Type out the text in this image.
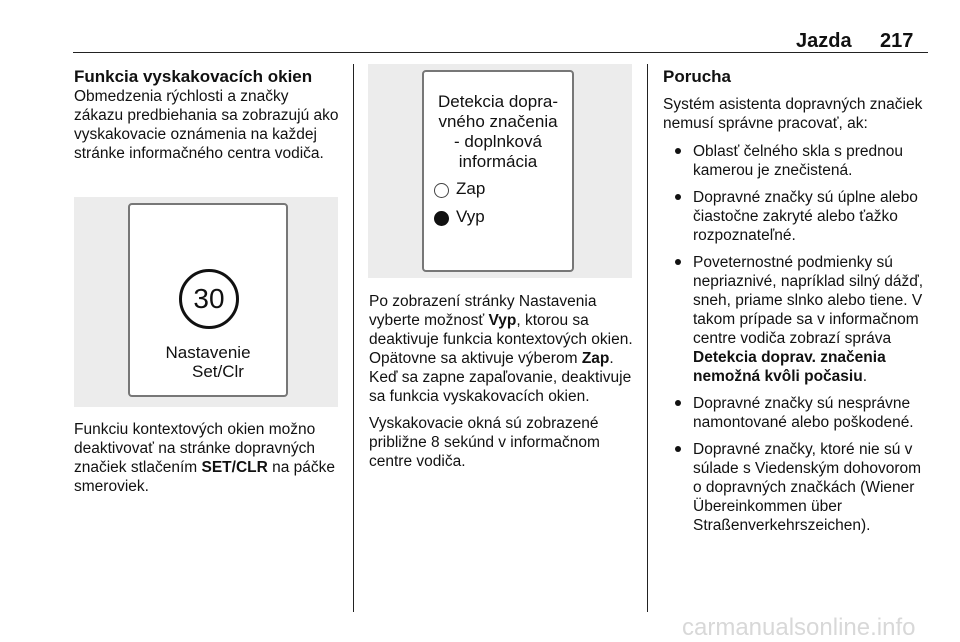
Jazda 217

Funkcia vyskakovacích okien

Obmedzenia rýchlosti a značky zákazu predbiehania sa zobrazujú ako vyskakovacie oznámenia na každej stránke informačného centra vodiča.

30
Nastavenie
Set/Clr

Funkciu kontextových okien možno deaktivovať na stránke dopravných značiek stlačením SET/CLR na páčke smeroviek.

Detekcia dopra-
vného značenia
- doplnková
informácia
Zap
Vyp

Po zobrazení stránky Nastavenia vyberte možnosť Vyp, ktorou sa deaktivuje funkcia kontextových okien. Opätovne sa aktivuje výberom Zap. Keď sa zapne zapaľovanie, deaktivuje sa funkcia vyskakovacích okien.

Vyskakovacie okná sú zobrazené približne 8 sekúnd v informačnom centre vodiča.

Porucha

Systém asistenta dopravných značiek nemusí správne pracovať, ak:

Oblasť čelného skla s prednou kamerou je znečistená.
Dopravné značky sú úplne alebo čiastočne zakryté alebo ťažko rozpoznateľné.
Poveternostné podmienky sú nepriaznivé, napríklad silný dážď, sneh, priame slnko alebo tiene. V takom prípade sa v informačnom centre vodiča zobrazí správa Detekcia doprav. značenia nemožná kvôli počasiu.
Dopravné značky sú nesprávne namontované alebo poškodené.
Dopravné značky, ktoré nie sú v súlade s Viedenským dohovorom o dopravných značkách (Wiener Übereinkommen über Straßenverkehrszeichen).
carmanualsonline.info
